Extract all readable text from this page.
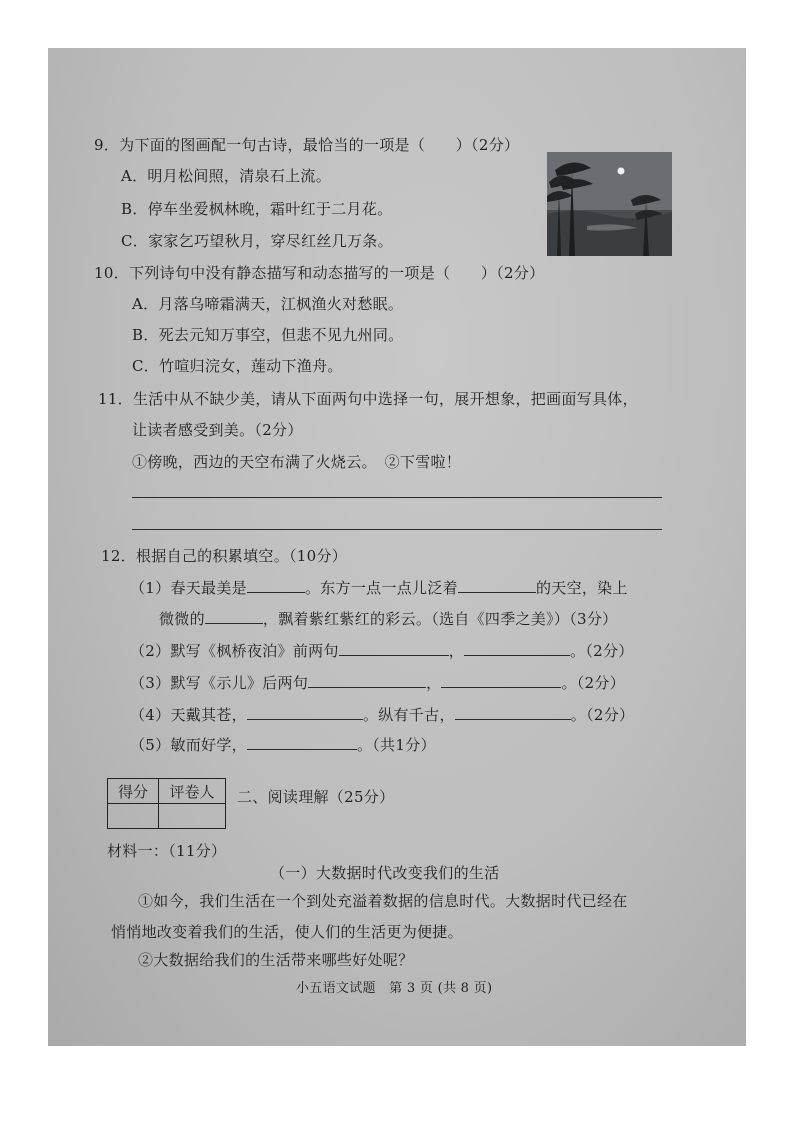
9．为下面的图画配一句古诗，最恰当的一项是（　　）（2分）
A．明月松间照，清泉石上流。
B．停车坐爱枫林晚，霜叶红于二月花。
C．家家乞巧望秋月，穿尽红丝几万条。
10．下列诗句中没有静态描写和动态描写的一项是（　　）（2分）
A．月落乌啼霜满天，江枫渔火对愁眠。
B．死去元知万事空，但悲不见九州同。
C．竹喧归浣女，莲动下渔舟。
11．生活中从不缺少美，请从下面两句中选择一句，展开想象，把画面写具体，
让读者感受到美。（2分）
①傍晚，西边的天空布满了火烧云。　②下雪啦！
12．根据自己的积累填空。（10分）
（1）春天最美是	。东方一点一点儿泛着	的天空，染上
微微的	，飘着紫红紫红的彩云。（选自《四季之美》）（3分）
（2）默写《枫桥夜泊》前两句	，	。（2分）
（3）默写《示儿》后两句	，	。（2分）
（4）天戴其苍，	。纵有千古，	。（2分）
（5）敏而好学，	。（共1分）
得分	评卷人
	二、阅读理解（25分）
材料一：（11分）
（一）大数据时代改变我们的生活
①如今，我们生活在一个到处充溢着数据的信息时代。大数据时代已经在
悄悄地改变着我们的生活，使人们的生活更为便捷。
②大数据给我们的生活带来哪些好处呢？
小五语文试题　第 3 页 (共 8 页)
